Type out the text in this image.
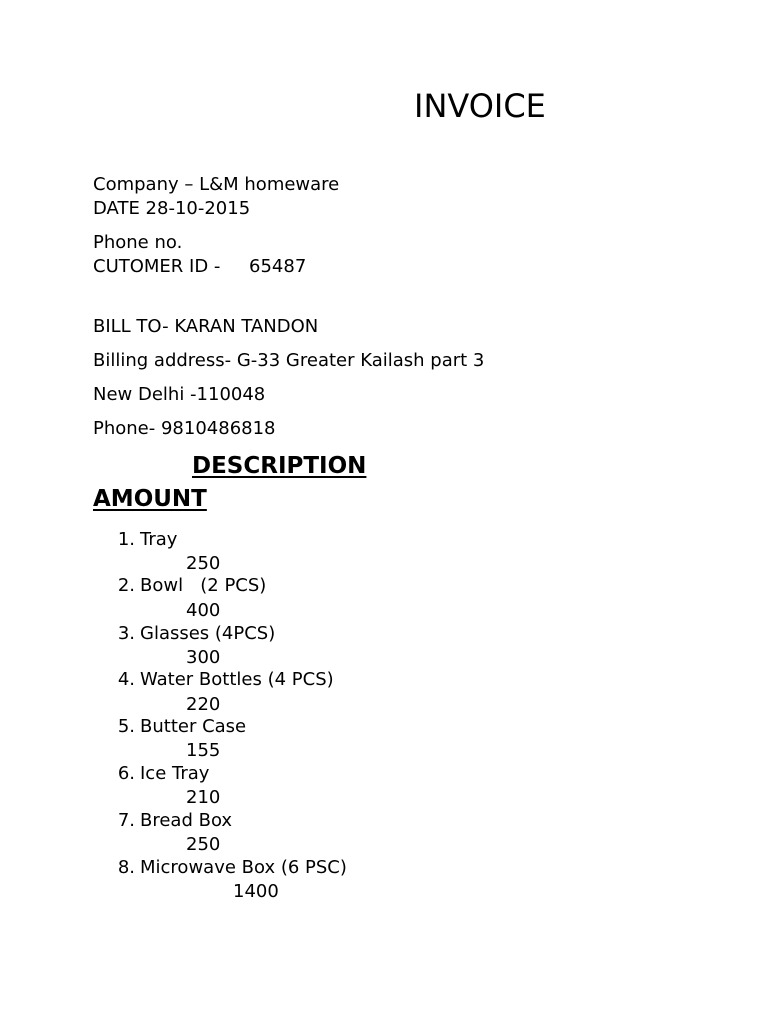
INVOICE
Company – L&M homeware
DATE 28-10-2015
Phone no.
CUTOMER ID -     65487
BILL TO- KARAN TANDON
Billing address- G-33 Greater Kailash part 3
New Delhi -110048
Phone- 9810486818
DESCRIPTION
AMOUNT
1. Tray
250
2. Bowl   (2 PCS)
400
3. Glasses (4PCS)
300
4. Water Bottles (4 PCS)
220
5. Butter Case
155
6. Ice Tray
210
7. Bread Box
250
8. Microwave Box (6 PSC)
1400
